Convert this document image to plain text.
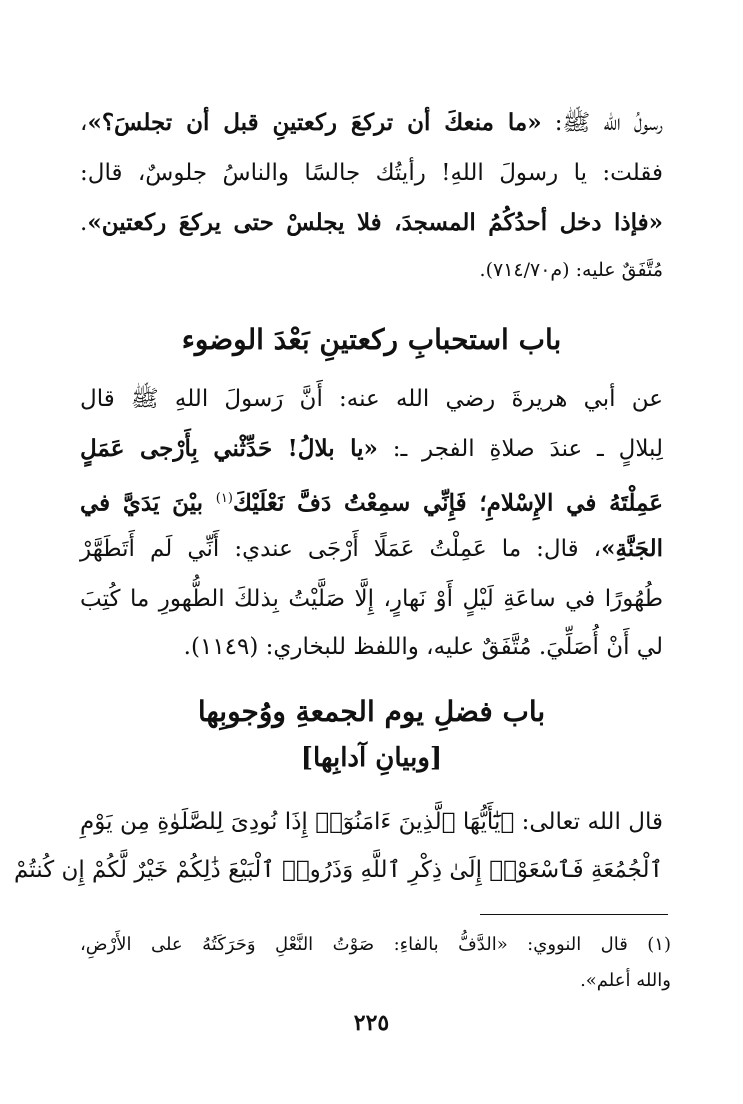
رسولُ الله ﷺ: «ما منعكَ أن تركعَ ركعتينِ قبل أن تجلسَ؟»،
فقلت: يا رسولَ اللهِ! رأيتُك جالسًا والناسُ جلوسٌ، قال:
«فإذا دخل أحدُكُمُ المسجدَ، فلا يجلسْ حتى يركعَ ركعتين».
مُتَّفَقٌ عليه: (م٧١٤/٧٠).
باب استحبابِ ركعتينِ بَعْدَ الوضوء
عن أبي هريرةَ رضي الله عنه: أَنَّ رَسولَ اللهِ ﷺ قال
لِبلالٍ ـ عندَ صلاةِ الفجر ـ: «يا بلالُ! حَدِّثْني بِأَرْجى عَمَلٍ
عَمِلْتَهُ في الإِسْلامِ؛ فَإِنِّي سمِعْتُ دَفَّ نَعْلَيْكَ$^{(١)}$ بيْنَ يَدَيَّ في
الجَنَّةِ»، قال: ما عَمِلْتُ عَمَلًا أَرْجَى عندي: أَنِّي لَم أَتَطَهَّرْ
طُهُورًا في ساعَةِ لَيْلٍ أَوْ نَهارٍ، إِلَّا صَلَّيْتُ بِذلكَ الطُّهورِ ما كُتِبَ
لي أَنْ أُصَلِّيَ. مُتَّفَقٌ عليه، واللفظ للبخاري: (١١٤٩).
باب فضلِ يوم الجمعةِ ووُجوبِها
[وبيانِ آدابِها]
قال الله تعالى: ﴿يَٰٓأَيُّهَا ٱلَّذِينَ ءَامَنُوٓا۟ إِذَا نُودِىَ لِلصَّلَوٰةِ مِن يَوْمِ
ٱلْجُمُعَةِ فَٱسْعَوْا۟ إِلَىٰ ذِكْرِ ٱللَّهِ وَذَرُوا۟ ٱلْبَيْعَ ذَٰلِكُمْ خَيْرٌ لَّكُمْ إِن كُنتُمْ
(١) قال النووي: «الدَّفُّ بالفاءِ: صَوْتُ النَّعْلِ وَحَرَكَتُهُ على الأَرْضِ،
والله أعلم».
٢٢٥
